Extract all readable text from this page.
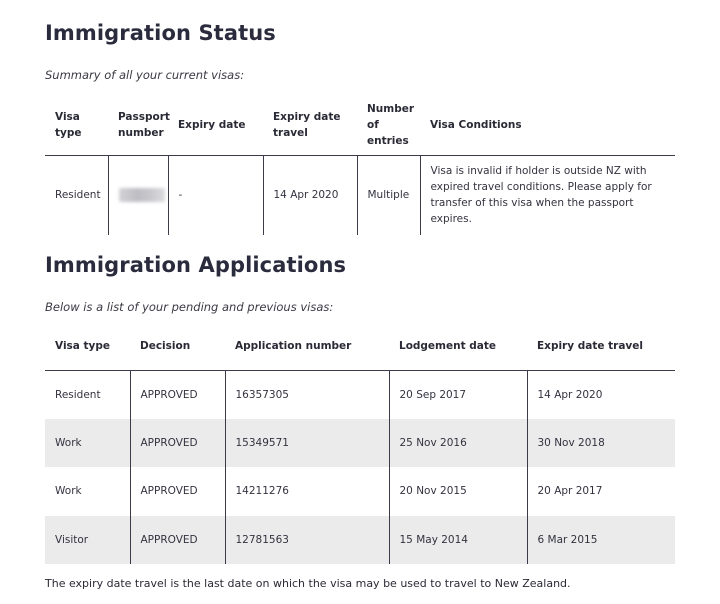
Immigration Status

Summary of all your current visas:

Visa type	Passport number	Expiry date	Expiry date travel	Number of entries	Visa Conditions
Resident		-	14 Apr 2020	Multiple	Visa is invalid if holder is outside NZ with expired travel conditions. Please apply for transfer of this visa when the passport expires.
Immigration Applications

Below is a list of your pending and previous visas:

Visa type	Decision	Application number	Lodgement date	Expiry date travel
Resident	APPROVED	16357305	20 Sep 2017	14 Apr 2020
Work	APPROVED	15349571	25 Nov 2016	30 Nov 2018
Work	APPROVED	14211276	20 Nov 2015	20 Apr 2017
Visitor	APPROVED	12781563	15 May 2014	6 Mar 2015

The expiry date travel is the last date on which the visa may be used to travel to New Zealand.
